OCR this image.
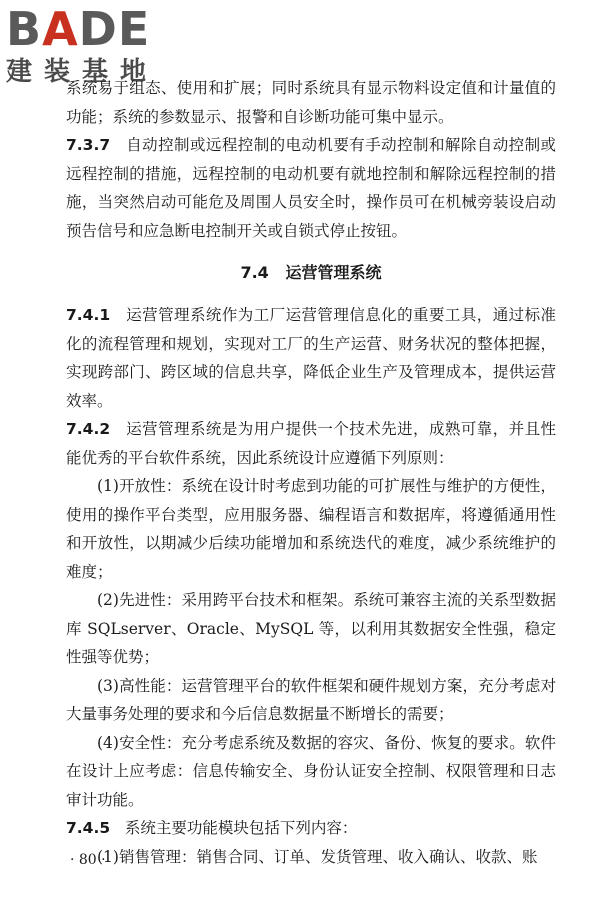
BADE
建装基地

系统易于组态、使用和扩展；同时系统具有显示物料设定值和计量值的功能；系统的参数显示、报警和自诊断功能可集中显示。

7.3.7 自动控制或远程控制的电动机要有手动控制和解除自动控制或远程控制的措施，远程控制的电动机要有就地控制和解除远程控制的措施，当突然启动可能危及周围人员安全时，操作员可在机械旁装设启动预告信号和应急断电控制开关或自锁式停止按钮。

7.4 运营管理系统

7.4.1 运营管理系统作为工厂运营管理信息化的重要工具，通过标准化的流程管理和规划，实现对工厂的生产运营、财务状况的整体把握，实现跨部门、跨区域的信息共享，降低企业生产及管理成本，提供运营效率。

7.4.2 运营管理系统是为用户提供一个技术先进，成熟可靠，并且性能优秀的平台软件系统，因此系统设计应遵循下列原则：

(1)开放性：系统在设计时考虑到功能的可扩展性与维护的方便性，使用的操作平台类型，应用服务器、编程语言和数据库，将遵循通用性和开放性，以期减少后续功能增加和系统迭代的难度，减少系统维护的难度；

(2)先进性：采用跨平台技术和框架。系统可兼容主流的关系型数据库 SQLserver、Oracle、MySQL 等，以利用其数据安全性强，稳定性强等优势；

(3)高性能：运营管理平台的软件框架和硬件规划方案，充分考虑对大量事务处理的要求和今后信息数据量不断增长的需要；

(4)安全性：充分考虑系统及数据的容灾、备份、恢复的要求。软件在设计上应考虑：信息传输安全、身份认证安全控制、权限管理和日志审计功能。

7.4.5 系统主要功能模块包括下列内容：

(1)销售管理：销售合同、订单、发货管理、收入确认、收款、账

· 80 ·
